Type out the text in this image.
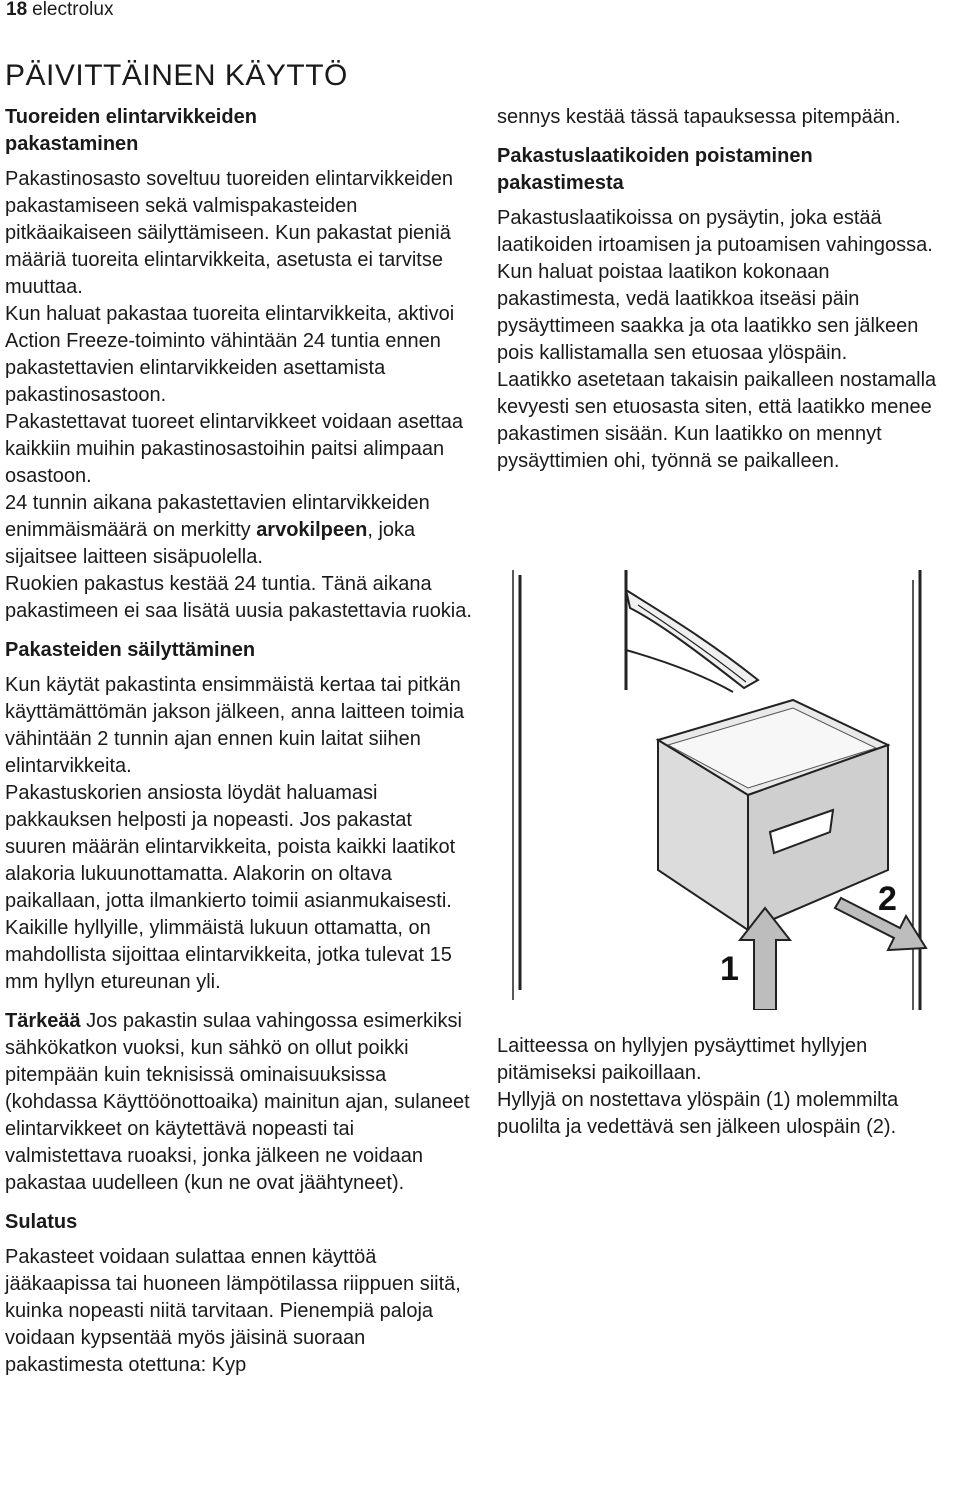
18 electrolux
PÄIVITTÄINEN KÄYTTÖ
Tuoreiden elintarvikkeiden
pakastaminen

Pakastinosasto soveltuu tuoreiden elintarvikkeiden pakastamiseen sekä valmispakasteiden pitkäaikaiseen säilyttämiseen. Kun pakastat pieniä määriä tuoreita elintarvikkeita, asetusta ei tarvitse muuttaa.

Kun haluat pakastaa tuoreita elintarvikkeita, aktivoi Action Freeze-toiminto vähintään 24 tuntia ennen pakastettavien elintarvikkeiden asettamista pakastinosastoon.

Pakastettavat tuoreet elintarvikkeet voidaan asettaa kaikkiin muihin pakastinosastoihin paitsi alimpaan osastoon.

24 tunnin aikana pakastettavien elintarvikkeiden enimmäismäärä on merkitty arvokilpeen, joka sijaitsee laitteen sisäpuolella.

Ruokien pakastus kestää 24 tuntia. Tänä aikana pakastimeen ei saa lisätä uusia pakastettavia ruokia.

Pakasteiden säilyttäminen

Kun käytät pakastinta ensimmäistä kertaa tai pitkän käyttämättömän jakson jälkeen, anna laitteen toimia vähintään 2 tunnin ajan ennen kuin laitat siihen elintarvikkeita.

Pakastuskorien ansiosta löydät haluamasi pakkauksen helposti ja nopeasti. Jos pakastat suuren määrän elintarvikkeita, poista kaikki laatikot alakoria lukuunottamatta. Alakorin on oltava paikallaan, jotta ilmankierto toimii asianmukaisesti. Kaikille hyllyille, ylimmäistä lukuun ottamatta, on mahdollista sijoittaa elintarvikkeita, jotka tulevat 15 mm hyllyn etureunan yli.

Tärkeää Jos pakastin sulaa vahingossa esimerkiksi sähkökatkon vuoksi, kun sähkö on ollut poikki pitempään kuin teknisissä ominaisuuksissa (kohdassa Käyttöönottoaika) mainitun ajan, sulaneet elintarvikkeet on käytettävä nopeasti tai valmistettava ruoaksi, jonka jälkeen ne voidaan pakastaa uudelleen (kun ne ovat jäähtyneet).

Sulatus

Pakasteet voidaan sulattaa ennen käyttöä jääkaapissa tai huoneen lämpötilassa riippuen siitä, kuinka nopeasti niitä tarvitaan. Pienempiä paloja voidaan kypsentää myös jäisinä suoraan pakastimesta otettuna: Kyp

sennys kestää tässä tapauksessa pitempään.

Pakastuslaatikoiden poistaminen
pakastimesta

Pakastuslaatikoissa on pysäytin, joka estää laatikoiden irtoamisen ja putoamisen vahingossa. Kun haluat poistaa laatikon kokonaan pakastimesta, vedä laatikkoa itseäsi päin pysäyttimeen saakka ja ota laatikko sen jälkeen pois kallistamalla sen etuosaa ylöspäin.

Laatikko asetetaan takaisin paikalleen nostamalla kevyesti sen etuosasta siten, että laatikko menee pakastimen sisään. Kun laatikko on mennyt pysäyttimien ohi, työnnä se paikalleen.

1
2

Laitteessa on hyllyjen pysäyttimet hyllyjen pitämiseksi paikoillaan.

Hyllyjä on nostettava ylöspäin (1) molemmilta puolilta ja vedettävä sen jälkeen ulospäin (2).
